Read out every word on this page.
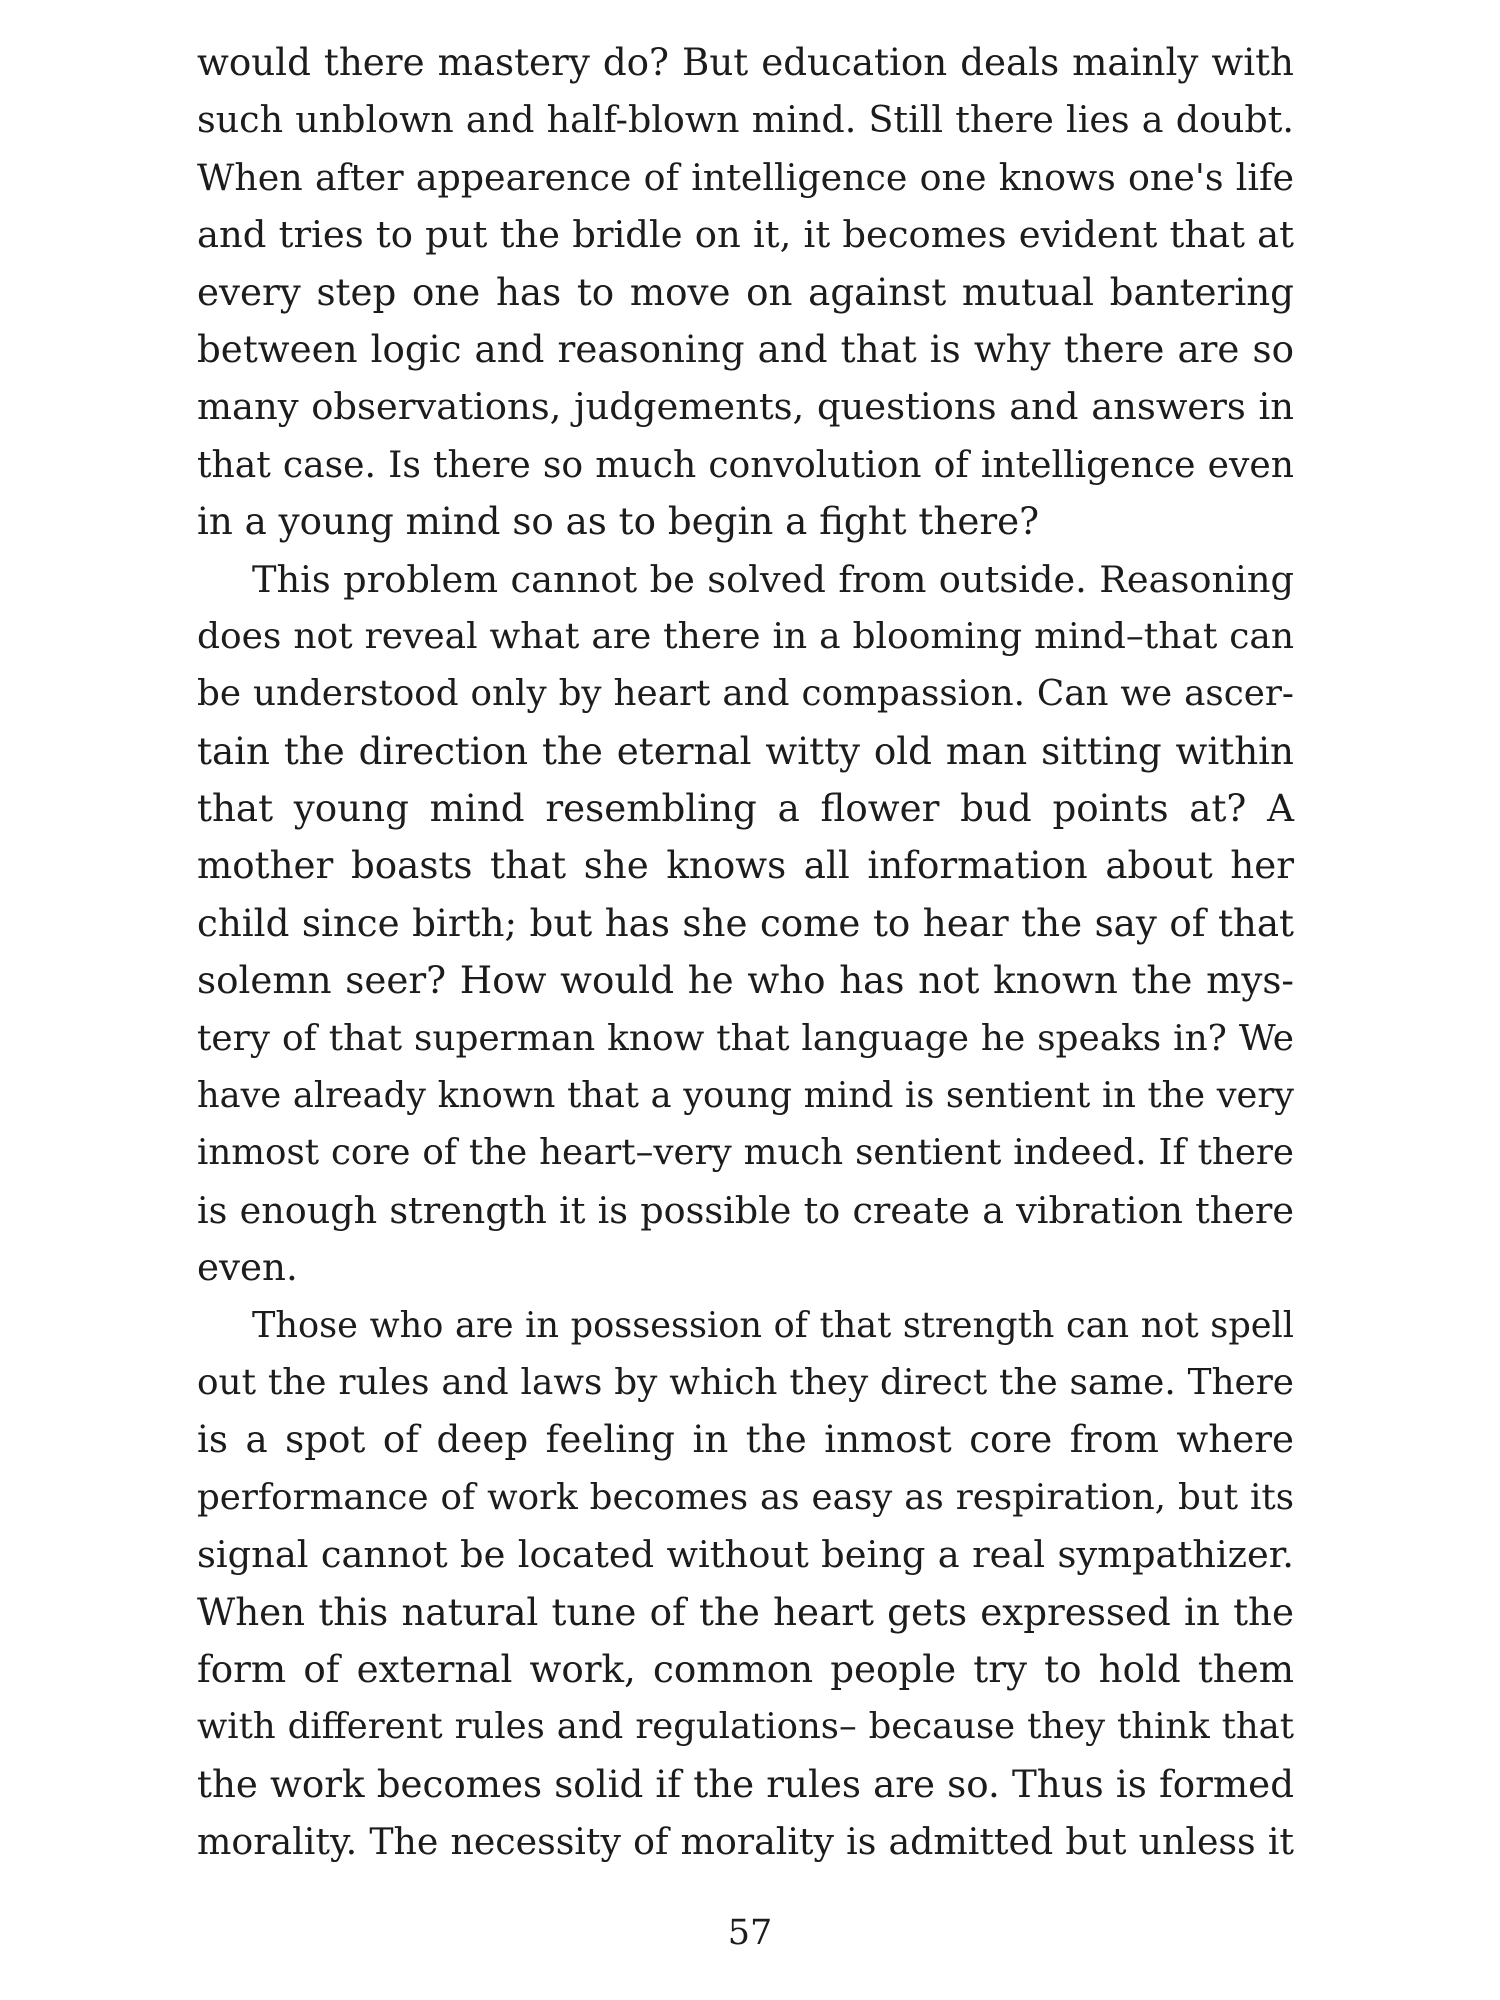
would there mastery do? But education deals mainly with
such unblown and half-blown mind. Still there lies a doubt.
When after appearence of intelligence one knows one's life
and tries to put the bridle on it, it becomes evident that at
every step one has to move on against mutual bantering
between logic and reasoning and that is why there are so
many observations, judgements, questions and answers in
that case. Is there so much convolution of intelligence even
in a young mind so as to begin a fight there?
This problem cannot be solved from outside. Reasoning
does not reveal what are there in a blooming mind–that can
be understood only by heart and compassion. Can we ascer-
tain the direction the eternal witty old man sitting within
that young mind resembling a flower bud points at? A
mother boasts that she knows all information about her
child since birth; but has she come to hear the say of that
solemn seer? How would he who has not known the mys-
tery of that superman know that language he speaks in? We
have already known that a young mind is sentient in the very
inmost core of the heart–very much sentient indeed. If there
is enough strength it is possible to create a vibration there
even.
Those who are in possession of that strength can not spell
out the rules and laws by which they direct the same. There
is a spot of deep feeling in the inmost core from where
performance of work becomes as easy as respiration, but its
signal cannot be located without being a real sympathizer.
When this natural tune of the heart gets expressed in the
form of external work, common people try to hold them
with different rules and regulations– because they think that
the work becomes solid if the rules are so. Thus is formed
morality. The necessity of morality is admitted but unless it
57
